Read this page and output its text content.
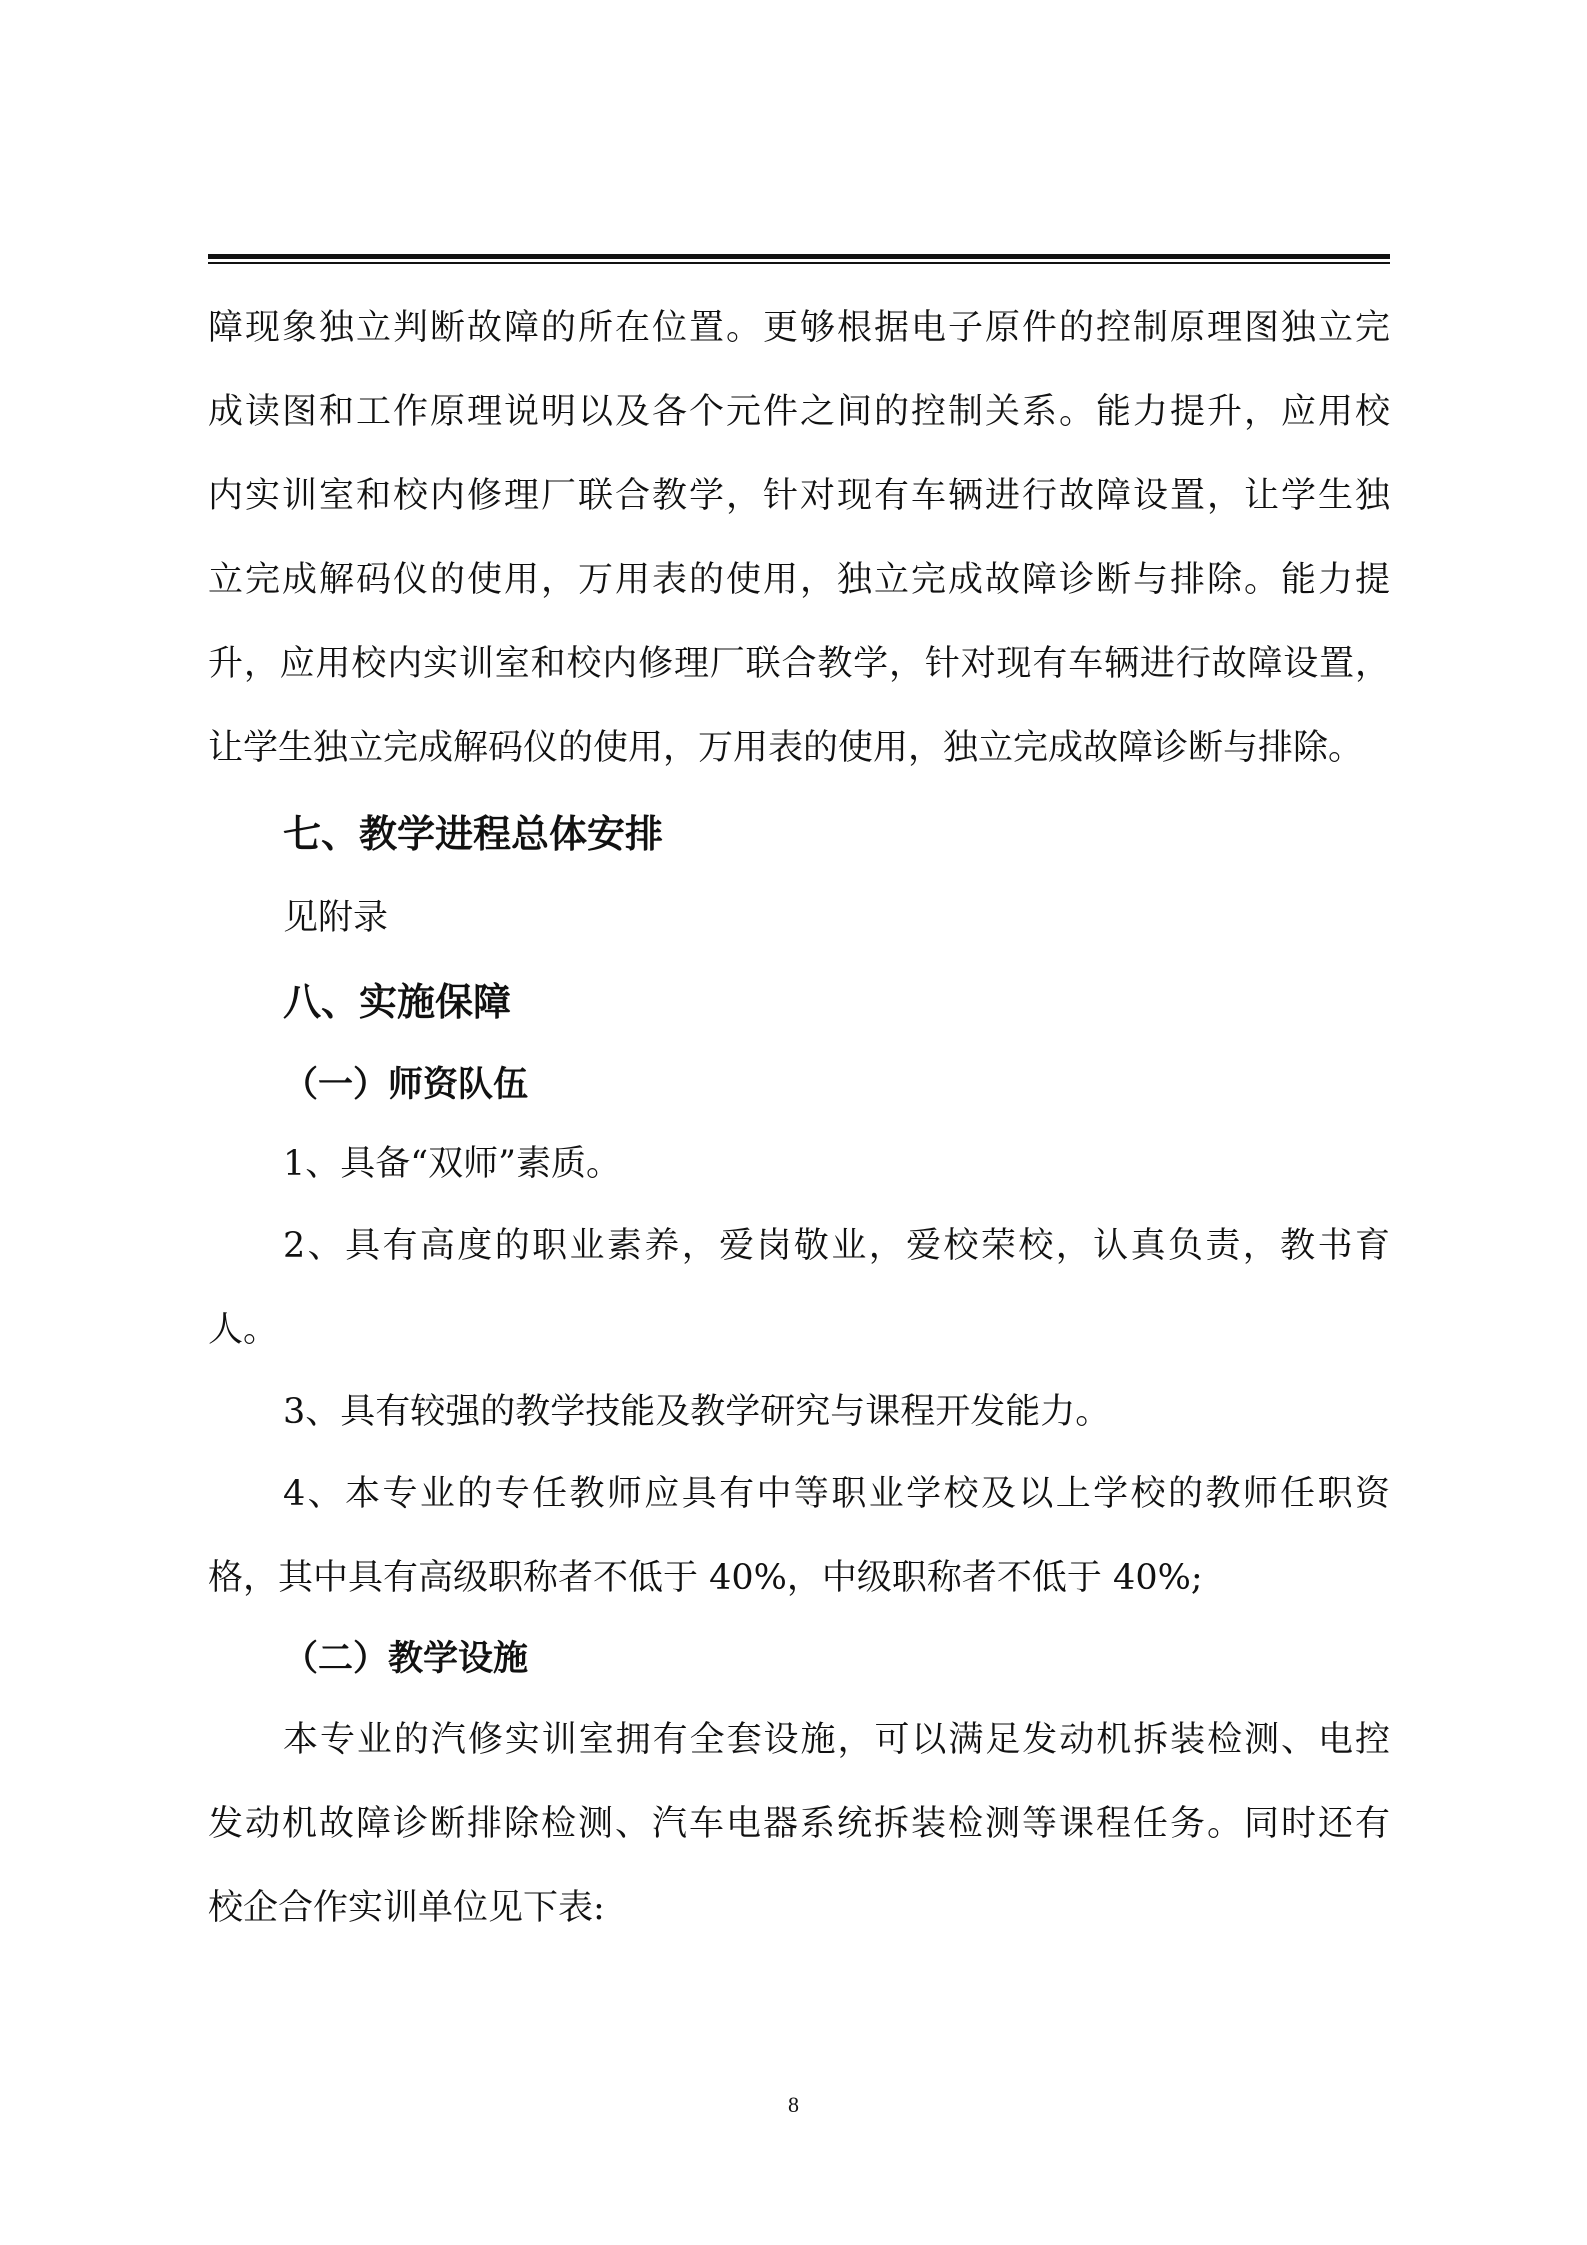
障现象独立判断故障的所在位置。更够根据电子原件的控制原理图独立完
成读图和工作原理说明以及各个元件之间的控制关系。能力提升，应用校
内实训室和校内修理厂联合教学，针对现有车辆进行故障设置，让学生独
立完成解码仪的使用，万用表的使用，独立完成故障诊断与排除。能力提
升，应用校内实训室和校内修理厂联合教学，针对现有车辆进行故障设置，
让学生独立完成解码仪的使用，万用表的使用，独立完成故障诊断与排除。
七、教学进程总体安排
见附录
八、实施保障
（一）师资队伍
1、具备“双师”素质。
2、具有高度的职业素养，爱岗敬业，爱校荣校，认真负责，教书育
人。
3、具有较强的教学技能及教学研究与课程开发能力。
4、本专业的专任教师应具有中等职业学校及以上学校的教师任职资
格，其中具有高级职称者不低于 40%，中级职称者不低于 40%;
（二）教学设施
本专业的汽修实训室拥有全套设施，可以满足发动机拆装检测、电控
发动机故障诊断排除检测、汽车电器系统拆装检测等课程任务。同时还有
校企合作实训单位见下表:
8
